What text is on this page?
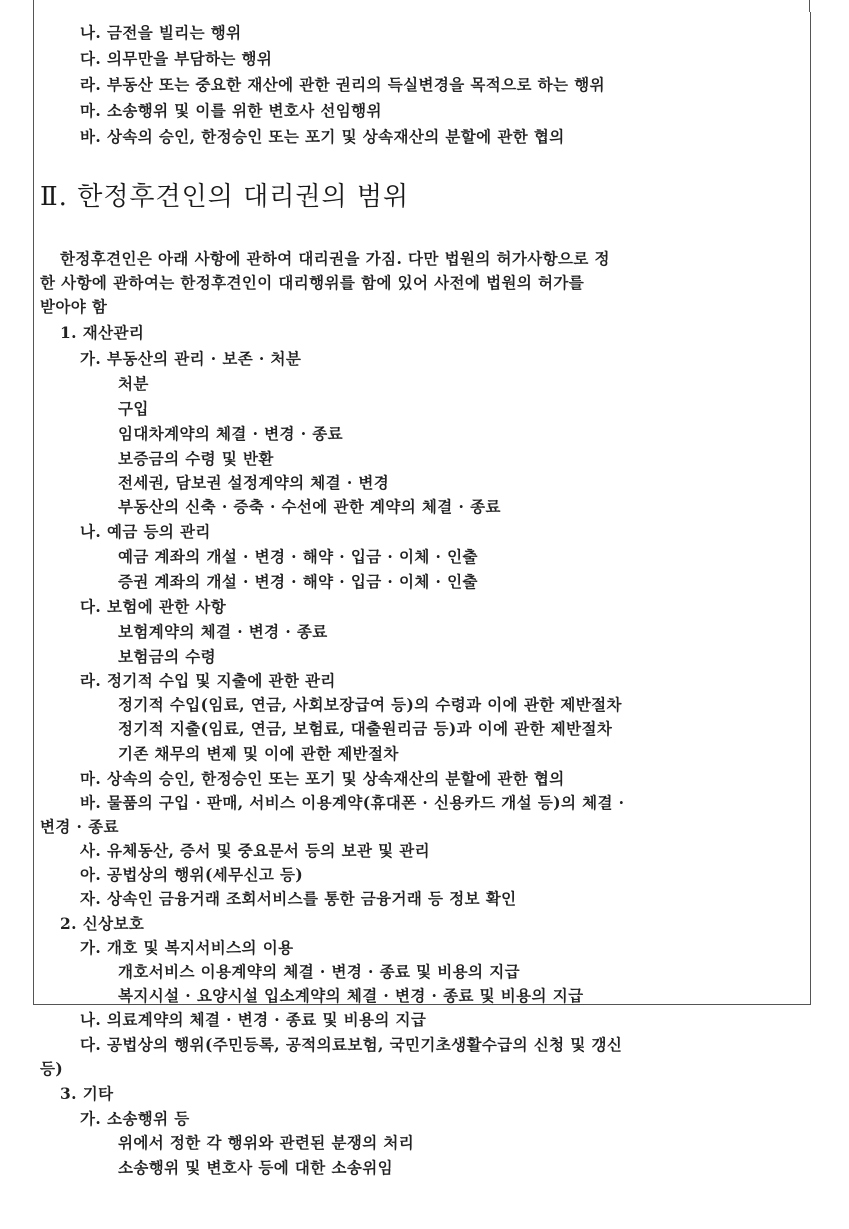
나. 금전을 빌리는 행위
다. 의무만을 부담하는 행위
라. 부동산 또는 중요한 재산에 관한 권리의 득실변경을 목적으로 하는 행위
마. 소송행위 및 이를 위한 변호사 선임행위
바. 상속의 승인, 한정승인 또는 포기 및 상속재산의 분할에 관한 협의
Ⅱ. 한정후견인의 대리권의 범위
한정후견인은 아래 사항에 관하여 대리권을 가짐. 다만 법원의 허가사항으로 정
한 사항에 관하여는 한정후견인이 대리행위를 함에 있어 사전에 법원의 허가를
받아야 함
1. 재산관리
가. 부동산의 관리 · 보존 · 처분
처분
구입
임대차계약의 체결 · 변경 · 종료
보증금의 수령 및 반환
전세권, 담보권 설정계약의 체결 · 변경
부동산의 신축 · 증축 · 수선에 관한 계약의 체결 · 종료
나. 예금 등의 관리
예금 계좌의 개설 · 변경 · 해약 · 입금 · 이체 · 인출
증권 계좌의 개설 · 변경 · 해약 · 입금 · 이체 · 인출
다. 보험에 관한 사항
보험계약의 체결 · 변경 · 종료
보험금의 수령
라. 정기적 수입 및 지출에 관한 관리
정기적 수입(임료, 연금, 사회보장급여 등)의 수령과 이에 관한 제반절차
정기적 지출(임료, 연금, 보험료, 대출원리금 등)과 이에 관한 제반절차
기존 채무의 변제 및 이에 관한 제반절차
마. 상속의 승인, 한정승인 또는 포기 및 상속재산의 분할에 관한 협의
바. 물품의 구입 · 판매, 서비스 이용계약(휴대폰 · 신용카드 개설 등)의 체결 ·
변경 · 종료
사. 유체동산, 증서 및 중요문서 등의 보관 및 관리
아. 공법상의 행위(세무신고 등)
자. 상속인 금융거래 조회서비스를 통한 금융거래 등 정보 확인
2. 신상보호
가. 개호 및 복지서비스의 이용
개호서비스 이용계약의 체결 · 변경 · 종료 및 비용의 지급
복지시설 · 요양시설 입소계약의 체결 · 변경 · 종료 및 비용의 지급
나. 의료계약의 체결 · 변경 · 종료 및 비용의 지급
다. 공법상의 행위(주민등록, 공적의료보험, 국민기초생활수급의 신청 및 갱신
등)
3. 기타
가. 소송행위 등
위에서 정한 각 행위와 관련된 분쟁의 처리
소송행위 및 변호사 등에 대한 소송위임
